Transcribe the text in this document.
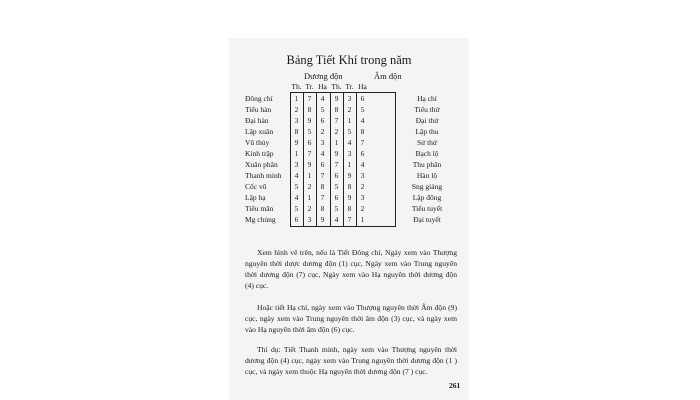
Bảng Tiết Khí trong năm
Dương độn	Âm độn
Th. Tr. Hạ Th. Tr. Hạ
Đông chí	1	7	4	9	3	6	Hạ chí
Tiểu hàn	2	8	5	8	2	5	Tiểu thử
Đại hàn	3	9	6	7	1	4	Đại thử
Lập xuân	8	5	2	2	5	8	Lập thu
Vũ thủy	9	6	3	1	4	7	Sử thử
Kinh trập	1	7	4	9	3	6	Bạch lộ
Xuân phân	3	9	6	7	1	4	Thu phân
Thanh minh	4	1	7	6	9	3	Hàn lộ
Cốc vũ	5	2	8	5	8	2	Sng giáng
Lập hạ	4	1	7	6	9	3	Lập đông
Tiểu mãn	5	2	8	5	8	2	Tiểu tuyết
Mg chủng	6	3	9	4	7	1	Đại tuyết

Xem hình vẽ trên, nếu là Tiết Đông chí, Ngày xem vào Thượng nguyên thời dược dương độn (1) cục, Ngày xem vào Trung nguyên thời dương độn (7) cục, Ngày xem vào Hạ nguyên thời dương độn (4) cục.

Hoặc tiết Hạ chí, ngày xem vào Thượng nguyên thời Âm độn (9) cục, ngày xem vào Trung nguyên thời âm độn (3) cục, và ngày xem vào Hạ nguyên thời âm độn (6) cục.

Thí dụ: Tiết Thanh minh, ngày xem vào Thượng nguyên thời dương độn (4) cục, ngày xem vào Trung nguyên thời dương độn (1 ) cục, và ngày xem thuộc Hạ nguyên thời dương độn (7 ) cục.

261
